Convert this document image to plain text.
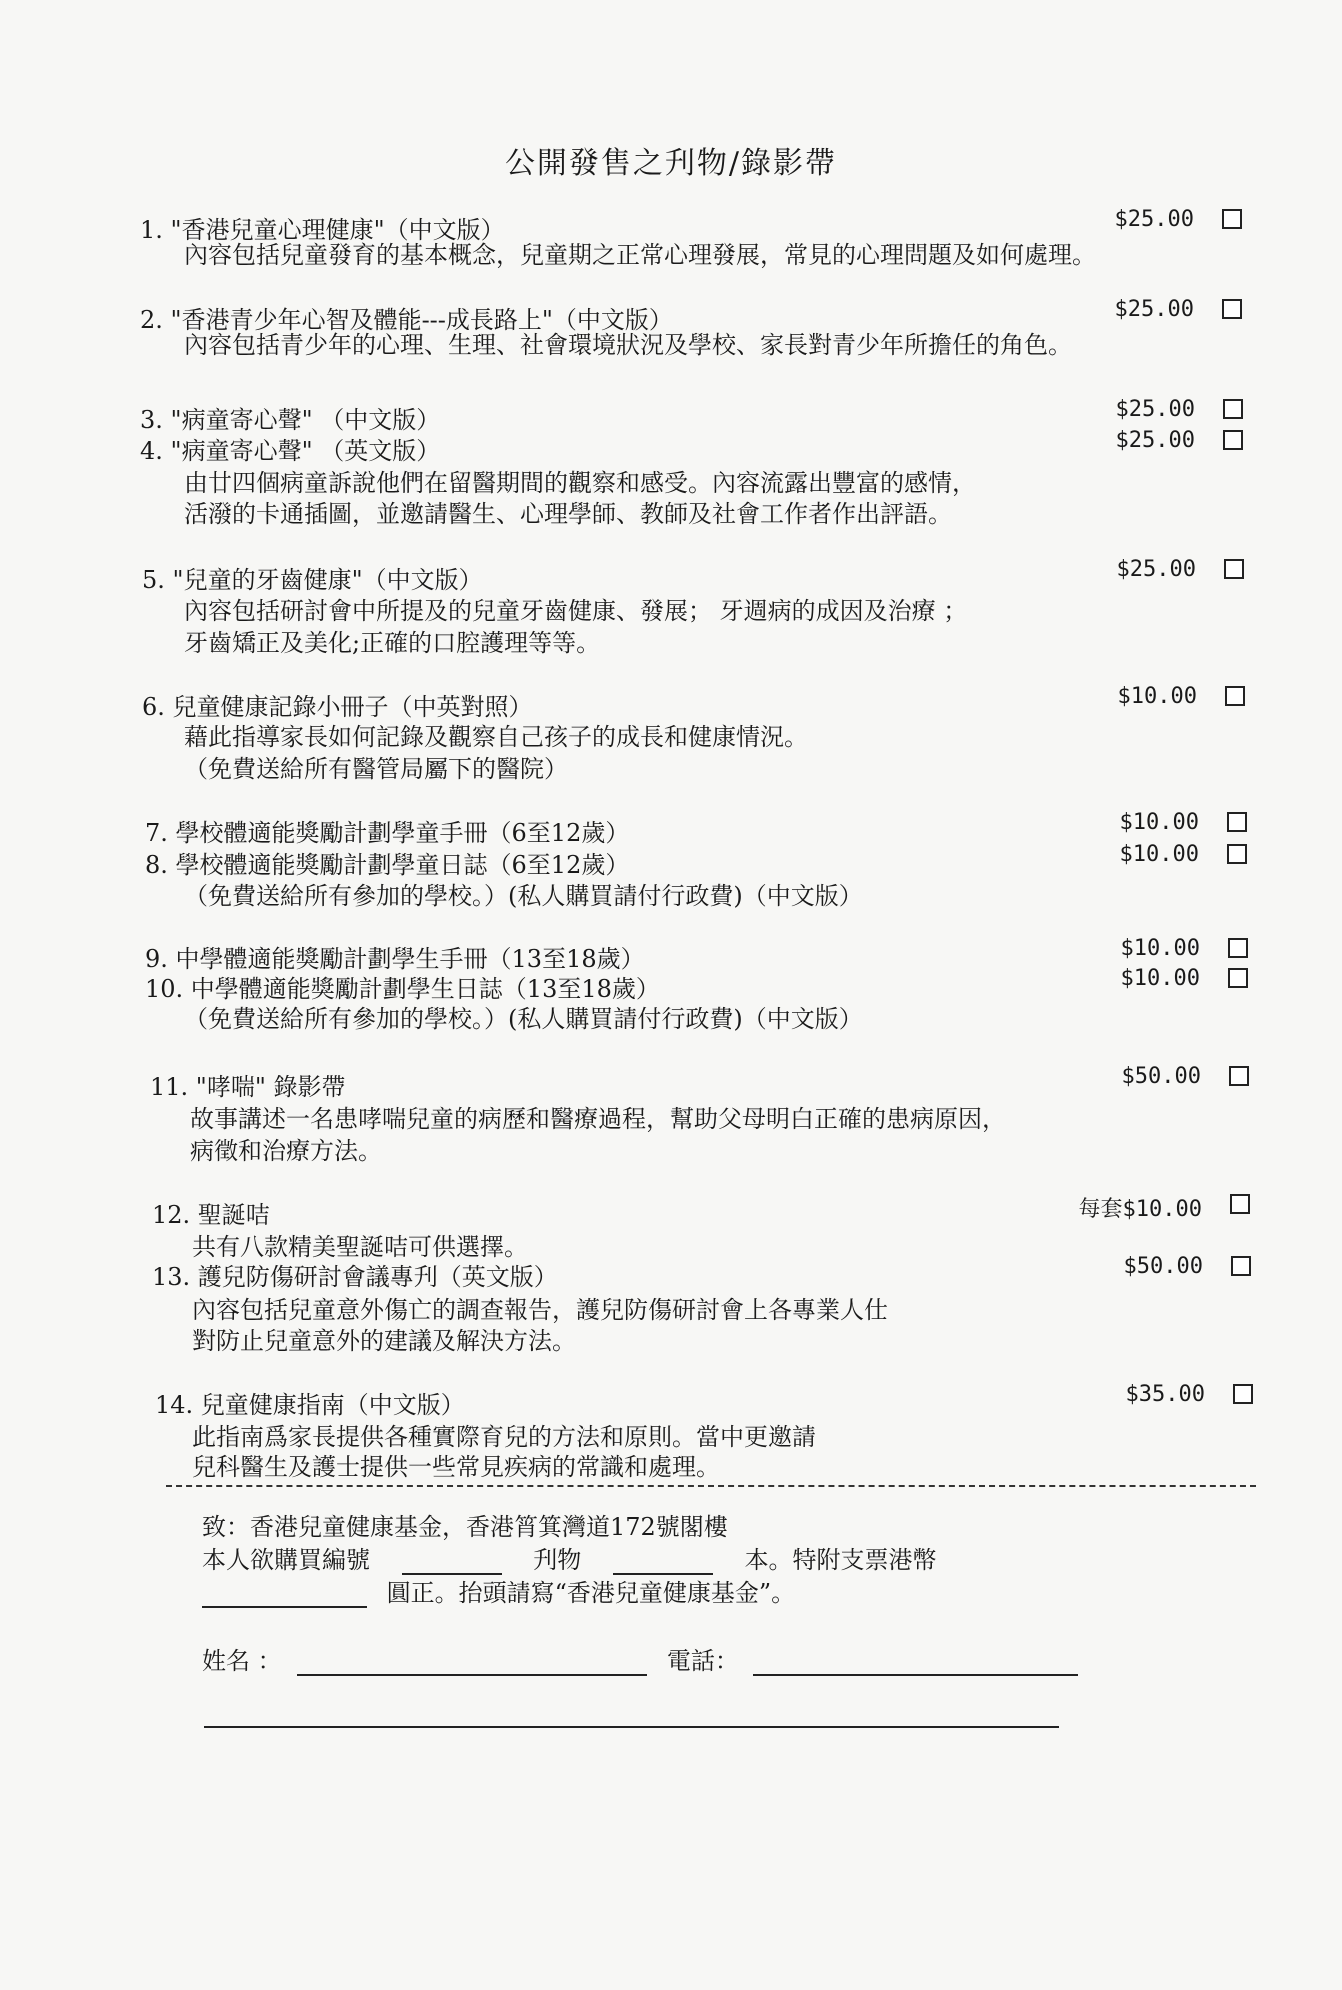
公開發售之刋物/錄影帶
1. "香港兒童心理健康"（中文版）	$25.00
內容包括兒童發育的基本概念，兒童期之正常心理發展，常見的心理問題及如何處理。
2. "香港青少年心智及體能---成長路上"（中文版）	$25.00
內容包括青少年的心理、生理、社會環境狀況及學校、家長對青少年所擔任的角色。
3. "病童寄心聲" （中文版）	$25.00
4. "病童寄心聲" （英文版）	$25.00
由廿四個病童訴說他們在留醫期間的觀察和感受。內容流露出豐富的感情，
活潑的卡通插圖，並邀請醫生、心理學師、教師及社會工作者作出評語。
5. "兒童的牙齒健康"（中文版）	$25.00
內容包括研討會中所提及的兒童牙齒健康、發展； 牙週病的成因及治療 ；
牙齒矯正及美化;正確的口腔護理等等。
6. 兒童健康記錄小冊子（中英對照）	$10.00
藉此指導家長如何記錄及觀察自己孩子的成長和健康情況。
（免費送給所有醫管局屬下的醫院）
7. 學校體適能獎勵計劃學童手冊（6至12歲）	$10.00
8. 學校體適能獎勵計劃學童日誌（6至12歲）	$10.00
（免費送給所有參加的學校。）(私人購買請付行政費)（中文版）
9. 中學體適能獎勵計劃學生手冊（13至18歲）	$10.00
10. 中學體適能獎勵計劃學生日誌（13至18歲）	$10.00
（免費送給所有參加的學校。）(私人購買請付行政費)（中文版）
11. "哮喘" 錄影帶	$50.00
故事講述一名患哮喘兒童的病歷和醫療過程，幫助父母明白正確的患病原因，
病徵和治療方法。
12. 聖誕咭	每套$10.00
共有八款精美聖誕咭可供選擇。
13. 護兒防傷研討會議專刋（英文版）	$50.00
內容包括兒童意外傷亡的調查報告，護兒防傷研討會上各專業人仕
對防止兒童意外的建議及解決方法。
14. 兒童健康指南（中文版）	$35.00
此指南爲家長提供各種實際育兒的方法和原則。當中更邀請
兒科醫生及護士提供一些常見疾病的常識和處理。
致：香港兒童健康基金，香港筲箕灣道172號閣樓
本人欲購買編號	刋物	本。特附支票港幣
圓正。抬頭請寫“香港兒童健康基金”。
姓名 ：	電話：
